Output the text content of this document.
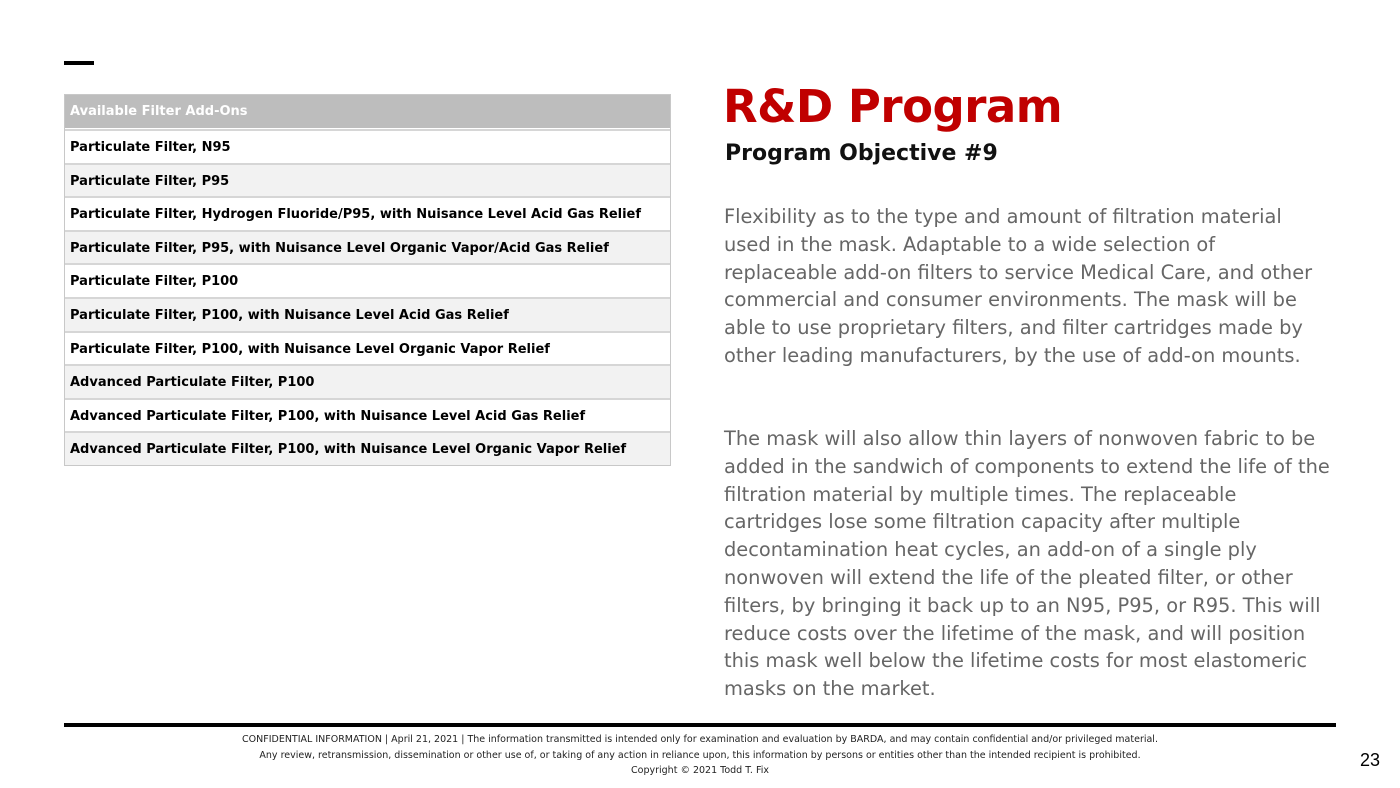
Available Filter Add-Ons
Particulate Filter, N95
Particulate Filter, P95
Particulate Filter, Hydrogen Fluoride/P95, with Nuisance Level Acid Gas Relief
Particulate Filter, P95, with Nuisance Level Organic Vapor/Acid Gas Relief
Particulate Filter, P100
Particulate Filter, P100, with Nuisance Level Acid Gas Relief
Particulate Filter, P100, with Nuisance Level Organic Vapor Relief
Advanced Particulate Filter, P100
Advanced Particulate Filter, P100, with Nuisance Level Acid Gas Relief
Advanced Particulate Filter, P100, with Nuisance Level Organic Vapor Relief
R&D Program
Program Objective #9

Flexibility as to the type and amount of filtration material used in the mask. Adaptable to a wide selection of replaceable add-on filters to service Medical Care, and other commercial and consumer environments. The mask will be able to use proprietary filters, and filter cartridges made by other leading manufacturers, by the use of add-on mounts.

The mask will also allow thin layers of nonwoven fabric to be added in the sandwich of components to extend the life of the filtration material by multiple times. The replaceable cartridges lose some filtration capacity after multiple decontamination heat cycles, an add-on of a single ply nonwoven will extend the life of the pleated filter, or other filters, by bringing it back up to an N95, P95, or R95. This will reduce costs over the lifetime of the mask, and will position this mask well below the lifetime costs for most elastomeric masks on the market.

CONFIDENTIAL INFORMATION | April 21, 2021 | The information transmitted is intended only for examination and evaluation by BARDA, and may contain confidential and/or privileged material.
Any review, retransmission, dissemination or other use of, or taking of any action in reliance upon, this information by persons or entities other than the intended recipient is prohibited.
Copyright © 2021 Todd T. Fix
23
